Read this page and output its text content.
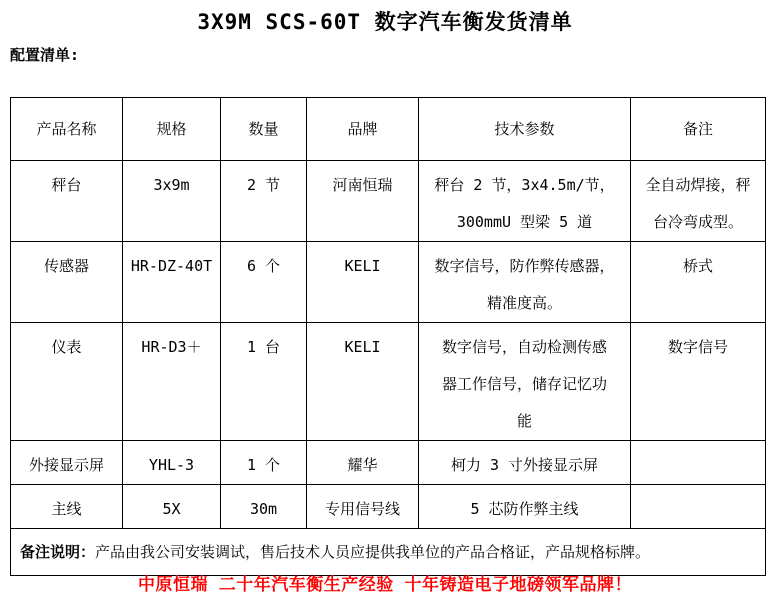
3X9M SCS-60T 数字汽车衡发货清单
配置清单:
产品名称	规格	数量	品牌	技术参数	备注
秤台	3x9m	2 节	河南恒瑞	秤台 2 节，3x4.5m/节，
300mmU 型梁 5 道	全自动焊接，秤
台冷弯成型。
传感器	HR-DZ-40T	6 个	KELI	数字信号，防作弊传感器，
精准度高。	桥式
仪表	HR-D3＋	1 台	KELI	数字信号，自动检测传感
器工作信号，储存记忆功
能	数字信号
外接显示屏	YHL-3	1 个	耀华	柯力 3 寸外接显示屏	
主线	5X	30m	专用信号线	5 芯防作弊主线	
备注说明：产品由我公司安装调试，售后技术人员应提供我单位的产品合格证，产品规格标牌。					
中原恒瑞 二十年汽车衡生产经验 十年铸造电子地磅领军品牌！
